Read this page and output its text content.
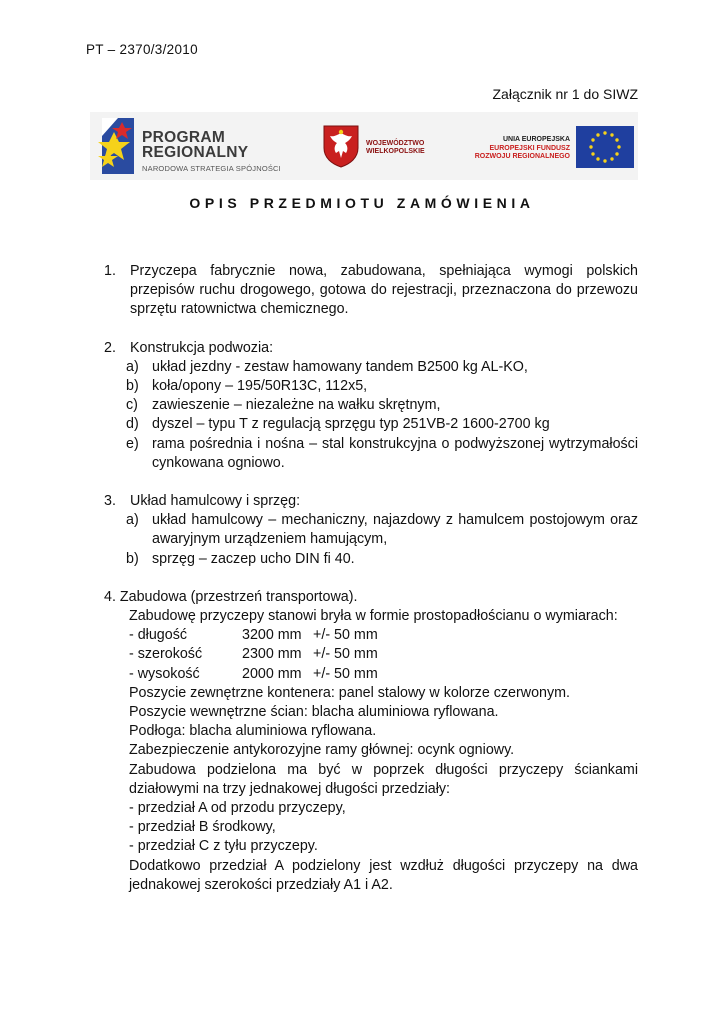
PT – 2370/3/2010
Załącznik nr 1 do SIWZ
PROGRAM
REGIONALNY
NARODOWA STRATEGIA SPÓJNOŚCI
WOJEWÓDZTWO
WIELKOPOLSKIE
UNIA EUROPEJSKA
EUROPEJSKI FUNDUSZ
ROZWOJU REGIONALNEGO
OPIS PRZEDMIOTU ZAMÓWIENIA
1. Przyczepa fabrycznie nowa, zabudowana, spełniająca wymogi polskich przepisów ruchu drogowego, gotowa do rejestracji, przeznaczona do przewozu sprzętu ratownictwa chemicznego.
2. Konstrukcja podwozia:
a) układ jezdny - zestaw hamowany tandem B2500 kg AL-KO,
b) koła/opony – 195/50R13C, 112x5,
c) zawieszenie – niezależne na wałku skrętnym,
d) dyszel – typu T z regulacją sprzęgu typ 251VB-2 1600-2700 kg
e) rama pośrednia i nośna – stal konstrukcyjna o podwyższonej wytrzymałości cynkowana ogniowo.
3. Układ hamulcowy i sprzęg:
a) układ hamulcowy – mechaniczny, najazdowy z hamulcem postojowym oraz awaryjnym urządzeniem hamującym,
b) sprzęg – zaczep ucho DIN fi 40.
4. Zabudowa (przestrzeń transportowa).
Zabudowę przyczepy stanowi bryła w formie prostopadłościanu o wymiarach:
- długość	3200 mm +/- 50 mm
- szerokość	2300 mm +/- 50 mm
- wysokość	2000 mm +/- 50 mm
Poszycie zewnętrzne kontenera: panel stalowy w kolorze czerwonym.
Poszycie wewnętrzne ścian: blacha aluminiowa ryflowana.
Podłoga: blacha aluminiowa ryflowana.
Zabezpieczenie antykorozyjne ramy głównej: ocynk ogniowy.
Zabudowa podzielona ma być w poprzek długości przyczepy ściankami działowymi na trzy jednakowej długości przedziały:
- przedział A od przodu przyczepy,
- przedział B środkowy,
- przedział C z tyłu przyczepy.
Dodatkowo przedział A podzielony jest wzdłuż długości przyczepy na dwa jednakowej szerokości przedziały A1 i A2.
